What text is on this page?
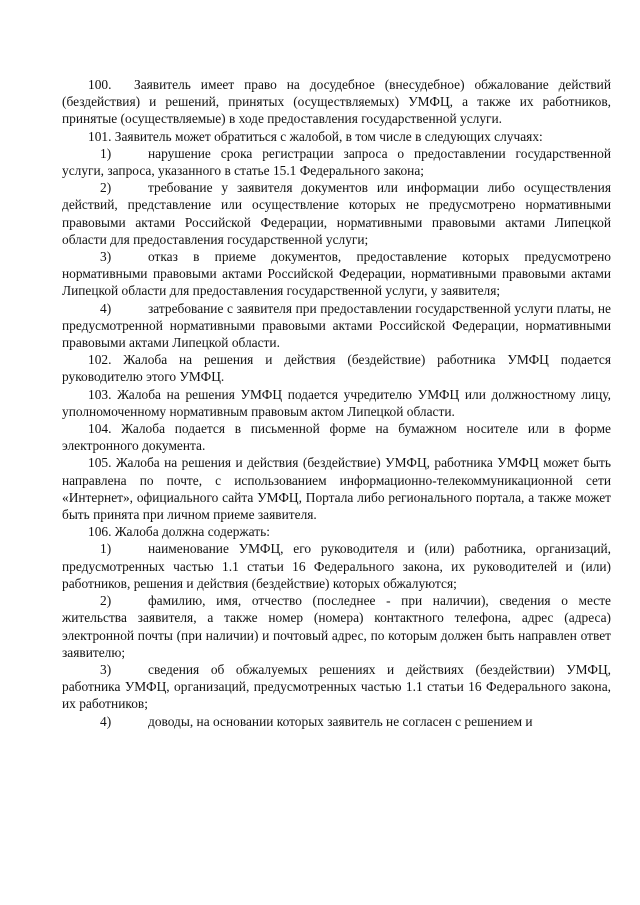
100. Заявитель имеет право на досудебное (внесудебное) обжалование действий (бездействия) и решений, принятых (осуществляемых) УМФЦ, а также их работников, принятые (осуществляемые) в ходе предоставления государственной услуги.

101. Заявитель может обратиться с жалобой, в том числе в следующих случаях:

1)	нарушение срока регистрации запроса о предоставлении государственной услуги, запроса, указанного в статье 15.1 Федерального закона;

2)	требование у заявителя документов или информации либо осуществления действий, представление или осуществление которых не предусмотрено нормативными правовыми актами Российской Федерации, нормативными правовыми актами Липецкой области для предоставления государственной услуги;

3)	отказ в приеме документов, предоставление которых предусмотрено нормативными правовыми актами Российской Федерации, нормативными правовыми актами Липецкой области для предоставления государственной услуги, у заявителя;

4)	затребование с заявителя при предоставлении государственной услуги платы, не предусмотренной нормативными правовыми актами Российской Федерации, нормативными правовыми актами Липецкой области.

102. Жалоба на решения и действия (бездействие) работника УМФЦ подается руководителю этого УМФЦ.

103. Жалоба на решения УМФЦ подается учредителю УМФЦ или должностному лицу, уполномоченному нормативным правовым актом Липецкой области.

104. Жалоба подается в письменной форме на бумажном носителе или в форме электронного документа.

105. Жалоба на решения и действия (бездействие) УМФЦ, работника УМФЦ может быть направлена по почте, с использованием информационно-телекоммуникационной сети «Интернет», официального сайта УМФЦ, Портала либо регионального портала, а также может быть принята при личном приеме заявителя.

106. Жалоба должна содержать:

1)	наименование УМФЦ, его руководителя и (или) работника, организаций, предусмотренных частью 1.1 статьи 16 Федерального закона, их руководителей и (или) работников, решения и действия (бездействие) которых обжалуются;

2)	фамилию, имя, отчество (последнее - при наличии), сведения о месте жительства заявителя, а также номер (номера) контактного телефона, адрес (адреса) электронной почты (при наличии) и почтовый адрес, по которым должен быть направлен ответ заявителю;

3)	сведения об обжалуемых решениях и действиях (бездействии) УМФЦ, работника УМФЦ, организаций, предусмотренных частью 1.1 статьи 16 Федерального закона, их работников;

4)	доводы, на основании которых заявитель не согласен с решением и
